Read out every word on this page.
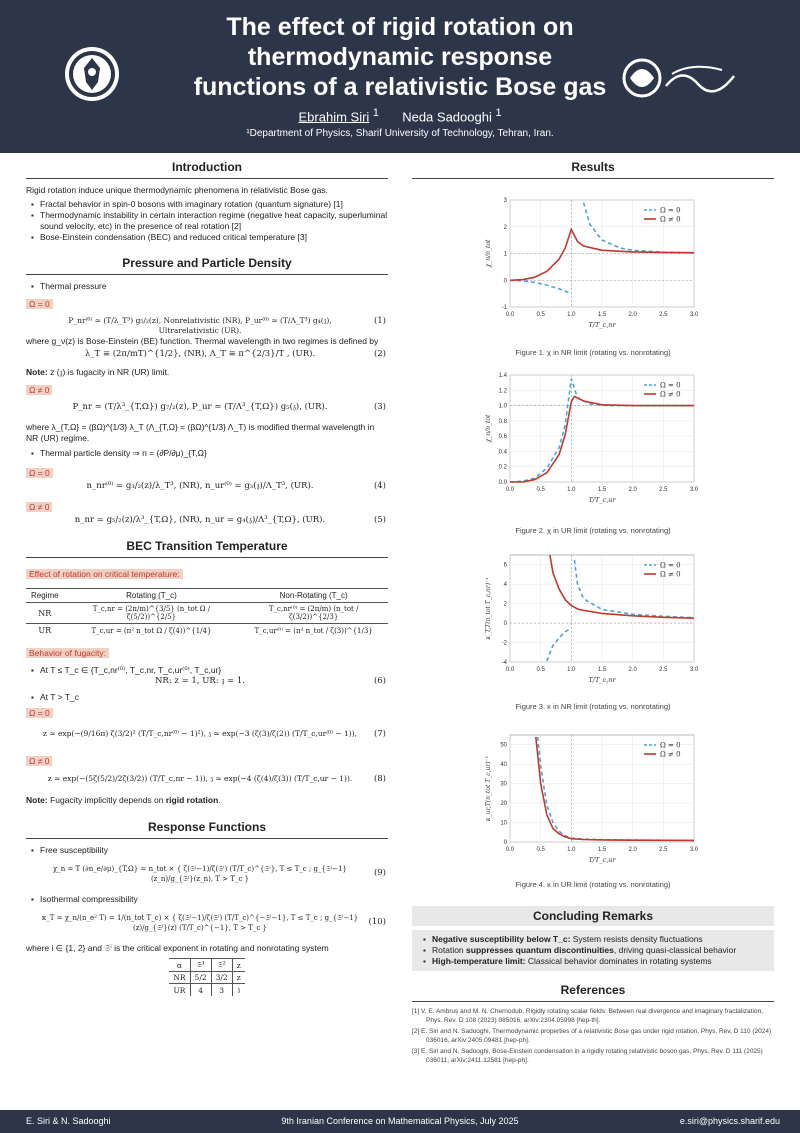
The effect of rigid rotation on
thermodynamic response
functions of a relativistic Bose gas
Ebrahim Siri $^1$ Neda Sadooghi $^1$
¹Department of Physics, Sharif University of Technology, Tehran, Iran.
Introduction
Rigid rotation induce unique thermodynamic phenomena in relativistic Bose gas.
▪ Fractal behavior in spin-0 bosons with imaginary rotation (quantum signature) [1]
▪ Thermodynamic instability in certain interaction regime (negative heat capacity, superluminal sound velocity, etc) in the presence of real rotation [2]
▪ Bose-Einstein condensation (BEC) and reduced critical temperature [3]
Pressure and Particle Density
▪ Thermal pressure
Ω = 0
P_nr⁽⁰⁾ ≃ (T/λ_T³) g₅/₂(z), Nonrelativistic (NR), P_ur⁽⁰⁾ ≃ (T/Λ_T³) g₄(𝔷), Ultrarelativistic (UR).
(1)
where g_ν(z) is Bose-Einstein (BE) function. Thermal wavelength in two regimes is defined by
λ_T ≡ (2π/mT)^{1/2}, (NR), Λ_T ≡ π^{2/3}/T , (UR).	(2)
Note: z (𝔷) is fugacity in NR (UR) limit.
Ω ≠ 0
P_nr ≃ (T/λ³_{T,Ω}) g₇/₂(z), P_ur ≃ (T/Λ³_{T,Ω}) g₅(𝔷), (UR).	(3)
where λ_{T,Ω} = (βΩ)^{1/3} λ_T (Λ_{T,Ω} = (βΩ)^{1/3} Λ_T) is modified thermal wavelength in NR (UR) regime.
▪ Thermal particle density ⇒ n = (∂P/∂μ)_{T,Ω}
Ω = 0
n_nr⁽⁰⁾ = g₃/₂(z)/λ_T³, (NR), n_ur⁽⁰⁾ = g₃(𝔷)/Λ_T³, (UR).	(4)
Ω ≠ 0
n_nr = g₅/₂(z)/λ³_{T,Ω}, (NR), n_ur = g₄(𝔷)/Λ³_{T,Ω}, (UR).	(5)
BEC Transition Temperature
Effect of rotation on critical temperature:
Regime	Rotating (T_c)	Non-Rotating (T_c)
NR	T_c,nr = (2π/m)^{3/5} (n_tot Ω / ζ(5/2))^{2/5}	T_c,nr⁽⁰⁾ = (2π/m) (n_tot / ζ(3/2))^{2/3}
UR	T_c,ur = (π² n_tot Ω / ζ(4))^{1/4}	T_c,ur⁽⁰⁾ = (π² n_tot / ζ(3))^{1/3}
Behavior of fugacity:
▪ At T ≤ T_c ∈ {T_c,nr⁽⁰⁾, T_c,nr, T_c,ur⁽⁰⁾, T_c,ur}
NR: z = 1, UR: 𝔷 = 1.	(6)
▪ At T > T_c
Ω = 0
z ≃ exp(−(9/16π) ζ(3/2)² (T/T_c,nr⁽⁰⁾ − 1)²), 𝔷 ≃ exp(−3 (ζ(3)/ζ(2)) (T/T_c,ur⁽⁰⁾ − 1)),	(7)
Ω ≠ 0
z ≃ exp(−(5ζ(5/2)/2ζ(3/2)) (T/T_c,nr − 1)), 𝔷 ≃ exp(−4 (ζ(4)/ζ(3)) (T/T_c,ur − 1)).	(8)
Note: Fugacity implicitly depends on rigid rotation.
Response Functions
▪ Free susceptibility
χ_n = T (∂n_e/∂μ)_{T,Ω} = n_tot × { ζ(𝔖ⁱ−1)/ζ(𝔖ⁱ) (T/T_c)^{𝔖ⁱ}, T ≤ T_c ; g_{𝔖ⁱ−1}(z_n)/g_{𝔖ⁱ}(z_n), T > T_c }
(9)
▪ Isothermal compressibility
κ_T = χ_n/(n_e² T) = 1/(n_tot T_c) × { ζ(𝔖ⁱ−1)/ζ(𝔖ⁱ) (T/T_c)^{−𝔖ⁱ−1}, T ≤ T_c ; g_{𝔖ⁱ−1}(z)/g_{𝔖ⁱ}(z) (T/T_c)^{−1}, T > T_c }
(10)
where i ∈ {1, 2} and 𝔖ⁱ is the critical exponent in rotating and nonrotating system
α	𝔖¹	𝔖²	z
NR	5/2	3/2	z
UR	4	3	𝔷
Results
0.0	0.5	1.0	1.5	2.0	2.5	3.0
-1
0
1
2
3
Ω = 0
Ω ≠ 0
T/T_c,nr
χ_n/n_tot
Figure 1. χ in NR limit (rotating vs. nonrotating)
0.0	0.5	1.0	1.5	2.0	2.5	3.0
0.0
0.2
0.4
0.6
0.8
1.0
1.2
1.4
Ω = 0
Ω ≠ 0
T/T_c,ur
χ_n/n_tot
Figure 2. χ in UR limit (rotating vs. nonrotating)
0.0	0.5	1.0	1.5	2.0	2.5	3.0
-4
-2
0
2
4
6	Ω = 0
Ω ≠ 0
T/T_c,nr
κ_T,T(n_tot T_c,nr)⁻¹
Figure 3. κ in NR limit (rotating vs. nonrotating)
0.0	0.5	1.0	1.5	2.0	2.5	3.0
0
10
20
30
40
50	Ω = 0
Ω ≠ 0
T/T_c,ur
κ_ur,T(n_tot T_c,ur)⁻¹
Figure 4. κ in UR limit (rotating vs. nonrotating)
Concluding Remarks
▪ Negative susceptibility below T_c: System resists density fluctuations
▪ Rotation suppresses quantum discontinuities, driving quasi-classical behavior
▪ High-temperature limit: Classical behavior dominates in rotating systems
References
[1] V. E. Ambruș and M. N. Chernodub, Rigidly rotating scalar fields: Between real divergence and imaginary fractalization, Phys. Rev. D 108 (2023) 085016, arXiv:2304.05998 [hep-th].
[2] E. Siri and N. Sadooghi, Thermodynamic properties of a relativistic Bose gas under rigid rotation, Phys. Rev. D 110 (2024) 036016, arXiv:2405.09481 [hep-ph].
[3] E. Siri and N. Sadooghi, Bose-Einstein condensation in a rigidly rotating relativistic boson gas, Phys. Rev. D 111 (2025) 036011, arXiv:2411.12581 [hep-ph].
E. Siri & N. Sadooghi	9th Iranian Conference on Mathematical Physics, July 2025	e.siri@physics.sharif.edu
